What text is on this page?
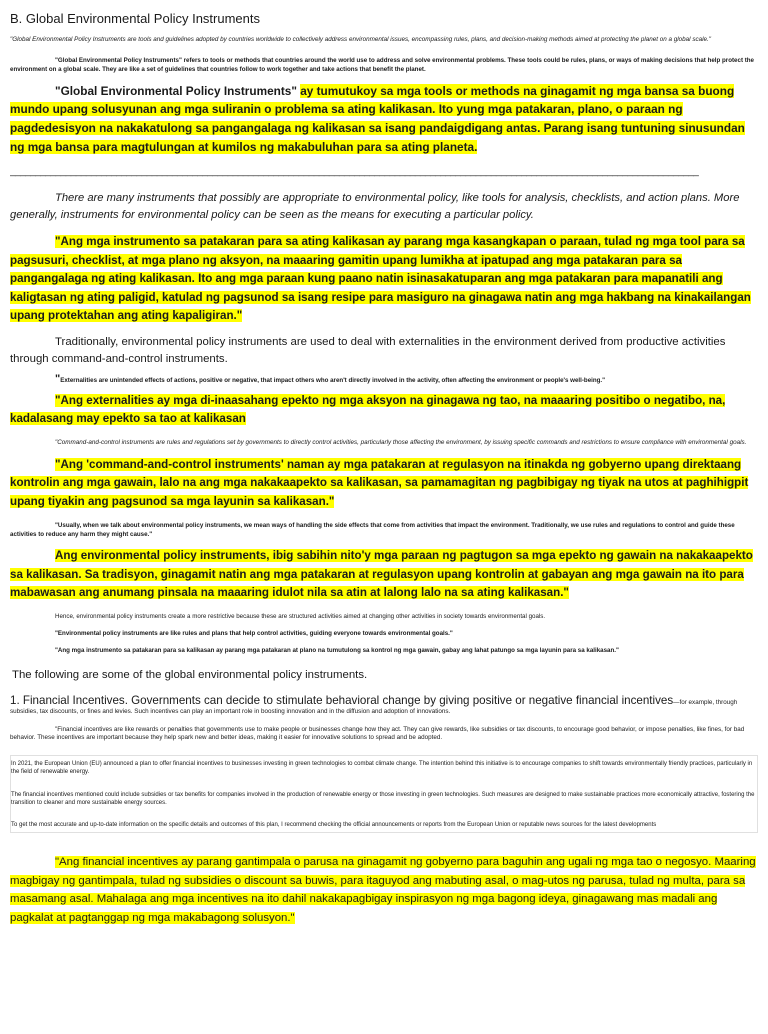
B. Global Environmental Policy Instruments

"Global Environmental Policy Instruments are tools and guidelines adopted by countries worldwide to collectively address environmental issues, encompassing rules, plans, and decision-making methods aimed at protecting the planet on a global scale."

"Global Environmental Policy Instruments" refers to tools or methods that countries around the world use to address and solve environmental problems. These tools could be rules, plans, or ways of making decisions that help protect the environment on a global scale. They are like a set of guidelines that countries follow to work together and take actions that benefit the planet.

"Global Environmental Policy Instruments" ay tumutukoy sa mga tools or methods na ginagamit ng mga bansa sa buong mundo upang solusyunan ang mga suliranin o problema sa ating kalikasan. Ito yung mga patakaran, plano, o paraan ng pagdedesisyon na nakakatulong sa pangangalaga ng kalikasan sa isang pandaigdigang antas. Parang isang tuntuning sinusundan ng mga bansa para magtulungan at kumilos ng makabuluhan para sa ating planeta.

________________________________________________________________________________________________________________________________________

There are many instruments that possibly are appropriate to environmental policy, like tools for analysis, checklists, and action plans. More generally, instruments for environmental policy can be seen as the means for executing a particular policy.

"Ang mga instrumento sa patakaran para sa ating kalikasan ay parang mga kasangkapan o paraan, tulad ng mga tool para sa pagsusuri, checklist, at mga plano ng aksyon, na maaaring gamitin upang lumikha at ipatupad ang mga patakaran para sa pangangalaga ng ating kalikasan. Ito ang mga paraan kung paano natin isinasakatuparan ang mga patakaran para mapanatili ang kaligtasan ng ating paligid, katulad ng pagsunod sa isang resipe para masiguro na ginagawa natin ang mga hakbang na kinakailangan upang protektahan ang ating kapaligiran."

Traditionally, environmental policy instruments are used to deal with externalities in the environment derived from productive activities through command-and-control instruments.

"Externalities are unintended effects of actions, positive or negative, that impact others who aren't directly involved in the activity, often affecting the environment or people's well-being."

"Ang externalities ay mga di-inaasahang epekto ng mga aksyon na ginagawa ng tao, na maaaring positibo o negatibo, na, kadalasang may epekto sa tao at kalikasan

"Command-and-control instruments are rules and regulations set by governments to directly control activities, particularly those affecting the environment, by issuing specific commands and restrictions to ensure compliance with environmental goals.

"Ang 'command-and-control instruments' naman ay mga patakaran at regulasyon na itinakda ng gobyerno upang direktaang kontrolin ang mga gawain, lalo na ang mga nakakaapekto sa kalikasan, sa pamamagitan ng pagbibigay ng tiyak na utos at paghihigpit upang tiyakin ang pagsunod sa mga layunin sa kalikasan."

"Usually, when we talk about environmental policy instruments, we mean ways of handling the side effects that come from activities that impact the environment. Traditionally, we use rules and regulations to control and guide these activities to reduce any harm they might cause."

Ang environmental policy instruments, ibig sabihin nito'y mga paraan ng pagtugon sa mga epekto ng gawain na nakakaapekto sa kalikasan. Sa tradisyon, ginagamit natin ang mga patakaran at regulasyon upang kontrolin at gabayan ang mga gawain na ito para mabawasan ang anumang pinsala na maaaring idulot nila sa atin at lalong lalo na sa ating kalikasan."

Hence, environmental policy instruments create a more restrictive because these are structured activities aimed at changing other activities in society towards environmental goals.

"Environmental policy instruments are like rules and plans that help control activities, guiding everyone towards environmental goals."

"Ang mga instrumento sa patakaran para sa kalikasan ay parang mga patakaran at plano na tumutulong sa kontrol ng mga gawain, gabay ang lahat patungo sa mga layunin para sa kalikasan."

The following are some of the global environmental policy instruments.

1. Financial Incentives. Governments can decide to stimulate behavioral change by giving positive or negative financial incentives—for example, through subsidies, tax discounts, or fines and levies. Such incentives can play an important role in boosting innovation and in the diffusion and adoption of innovations.

"Financial incentives are like rewards or penalties that governments use to make people or businesses change how they act. They can give rewards, like subsidies or tax discounts, to encourage good behavior, or impose penalties, like fines, for bad behavior. These incentives are important because they help spark new and better ideas, making it easier for innovative solutions to spread and be adopted.

In 2021, the European Union (EU) announced a plan to offer financial incentives to businesses investing in green technologies to combat climate change. The intention behind this initiative is to encourage companies to shift towards environmentally friendly practices, particularly in the field of renewable energy.

The financial incentives mentioned could include subsidies or tax benefits for companies involved in the production of renewable energy or those investing in green technologies. Such measures are designed to make sustainable practices more economically attractive, fostering the transition to cleaner and more sustainable energy sources.

To get the most accurate and up-to-date information on the specific details and outcomes of this plan, I recommend checking the official announcements or reports from the European Union or reputable news sources for the latest developments

"Ang financial incentives ay parang gantimpala o parusa na ginagamit ng gobyerno para baguhin ang ugali ng mga tao o negosyo. Maaring magbigay ng gantimpala, tulad ng subsidies o discount sa buwis, para itaguyod ang mabuting asal, o mag-utos ng parusa, tulad ng multa, para sa masamang asal. Mahalaga ang mga incentives na ito dahil nakakapagbigay inspirasyon ng mga bagong ideya, ginagawang mas madali ang pagkalat at pagtanggap ng mga makabagong solusyon."
